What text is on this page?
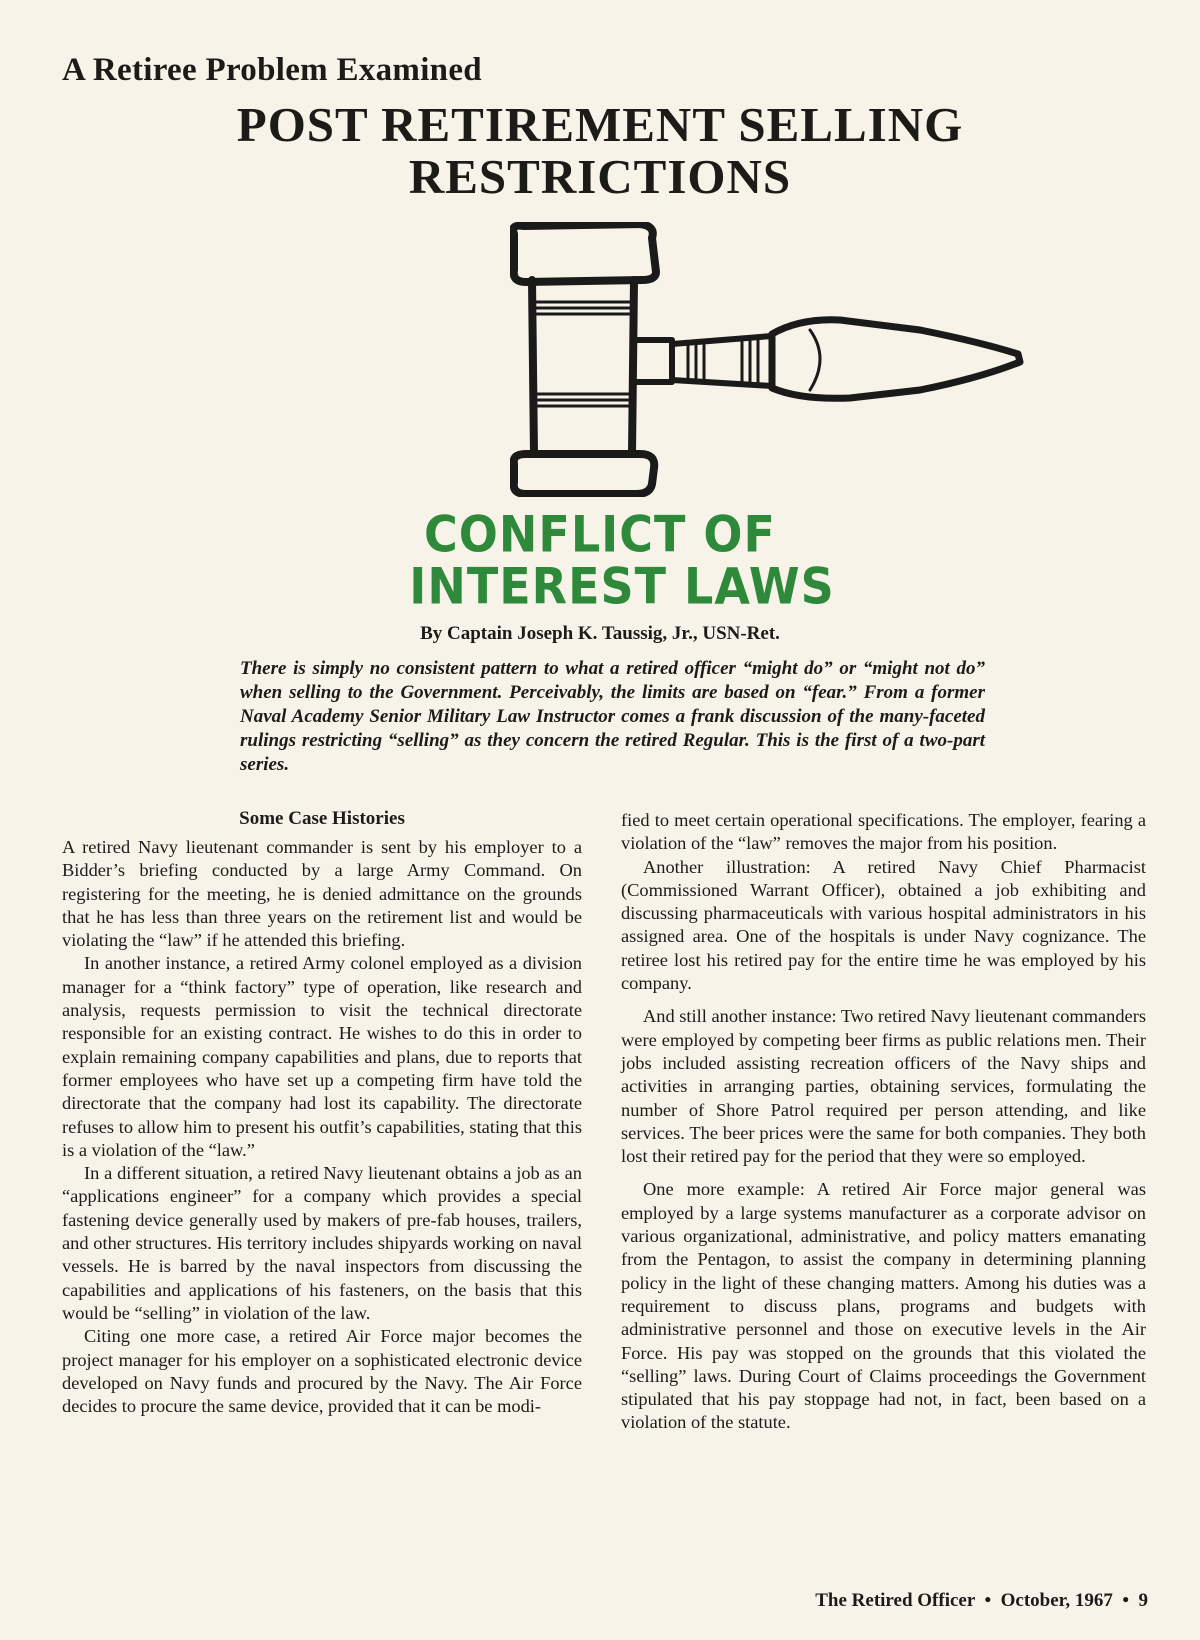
A Retiree Problem Examined
POST RETIREMENT SELLING
RESTRICTIONS
CONFLICT OF
INTEREST LAWS
By Captain Joseph K. Taussig, Jr., USN-Ret.
There is simply no consistent pattern to what a retired officer “might do” or “might not do” when selling to the Government. Perceivably, the limits are based on “fear.” From a former Naval Academy Senior Military Law Instructor comes a frank discussion of the many-faceted rulings restricting “selling” as they concern the retired Regular. This is the first of a two-part series.
Some Case Histories

A retired Navy lieutenant commander is sent by his employer to a Bidder’s briefing conducted by a large Army Command. On registering for the meeting, he is denied admittance on the grounds that he has less than three years on the retirement list and would be violating the “law” if he attended this briefing.

In another instance, a retired Army colonel employed as a division manager for a “think factory” type of operation, like research and analysis, requests permission to visit the technical directorate responsible for an existing contract. He wishes to do this in order to explain remaining company capabilities and plans, due to reports that former employees who have set up a competing firm have told the directorate that the company had lost its capability. The directorate refuses to allow him to present his outfit’s capabilities, stating that this is a violation of the “law.”

In a different situation, a retired Navy lieutenant obtains a job as an “applications engineer” for a company which provides a special fastening device generally used by makers of pre-fab houses, trailers, and other structures. His territory includes shipyards working on naval vessels. He is barred by the naval inspectors from discussing the capabilities and applications of his fasteners, on the basis that this would be “selling” in violation of the law.

Citing one more case, a retired Air Force major becomes the project manager for his employer on a sophisticated electronic device developed on Navy funds and procured by the Navy. The Air Force decides to procure the same device, provided that it can be modi-

fied to meet certain operational specifications. The employer, fearing a violation of the “law” removes the major from his position.

Another illustration: A retired Navy Chief Pharmacist (Commissioned Warrant Officer), obtained a job exhibiting and discussing pharmaceuticals with various hospital administrators in his assigned area. One of the hospitals is under Navy cognizance. The retiree lost his retired pay for the entire time he was employed by his company.

And still another instance: Two retired Navy lieutenant commanders were employed by competing beer firms as public relations men. Their jobs included assisting recreation officers of the Navy ships and activities in arranging parties, obtaining services, formulating the number of Shore Patrol required per person attending, and like services. The beer prices were the same for both companies. They both lost their retired pay for the period that they were so employed.

One more example: A retired Air Force major general was employed by a large systems manufacturer as a corporate advisor on various organizational, administrative, and policy matters emanating from the Pentagon, to assist the company in determining planning policy in the light of these changing matters. Among his duties was a requirement to discuss plans, programs and budgets with administrative personnel and those on executive levels in the Air Force. His pay was stopped on the grounds that this violated the “selling” laws. During Court of Claims proceedings the Government stipulated that his pay stoppage had not, in fact, been based on a violation of the statute.

The Retired Officer  •  October, 1967  •  9
